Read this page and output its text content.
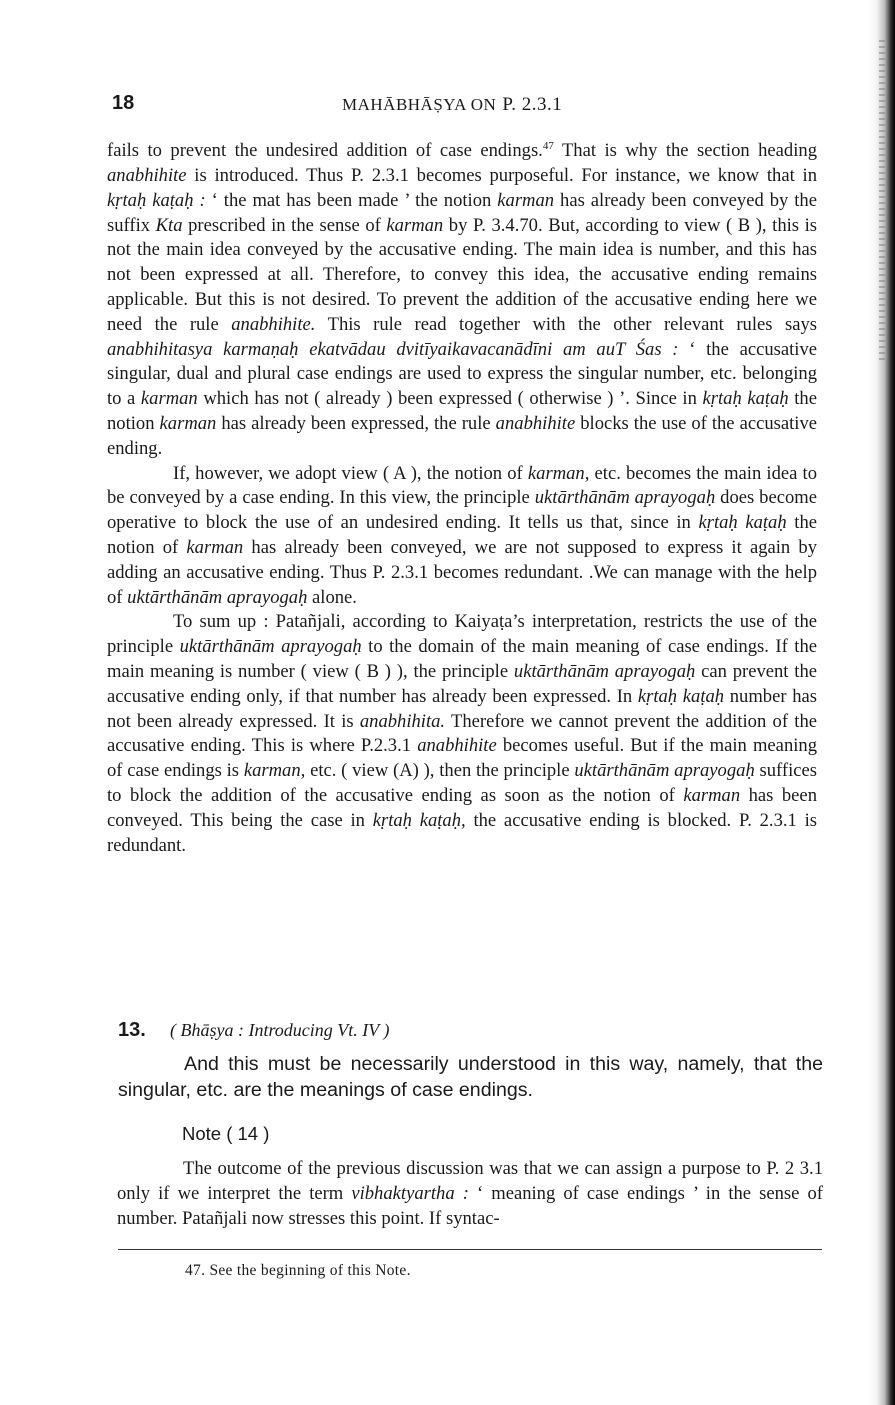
18	MAHĀBHĀṢYA ON P. 2.3.1

fails to prevent the undesired addition of case endings.$^{47}$ That is why the section heading anabhihite is introduced. Thus P. 2.3.1 becomes purposeful. For instance, we know that in kṛtaḥ kaṭaḥ : ‘ the mat has been made ’ the notion karman has already been conveyed by the suffix Kta prescribed in the sense of karman by P. 3.4.70. But, according to view ( B ), this is not the main idea conveyed by the accusative ending. The main idea is number, and this has not been expressed at all. Therefore, to convey this idea, the accusative ending remains applicable. But this is not desired. To prevent the addition of the accusative ending here we need the rule anabhihite. This rule read together with the other relevant rules says anabhihitasya karmaṇaḥ ekatvādau dvitīyaikavacanādīni am auT Śas : ‘ the accusative singular, dual and plural case endings are used to express the singular number, etc. belonging to a karman which has not ( already ) been expressed ( otherwise ) ’. Since in kṛtaḥ kaṭaḥ the notion karman has already been expressed, the rule anabhihite blocks the use of the accusative ending.

If, however, we adopt view ( A ), the notion of karman, etc. becomes the main idea to be conveyed by a case ending. In this view, the principle uktārthānām aprayogaḥ does become operative to block the use of an undesired ending. It tells us that, since in kṛtaḥ kaṭaḥ the notion of karman has already been conveyed, we are not supposed to express it again by adding an accusative ending. Thus P. 2.3.1 becomes redundant. .We can manage with the help of uktārthānām aprayogaḥ alone.

To sum up : Patañjali, according to Kaiyaṭa’s interpretation, restricts the use of the principle uktārthānām aprayogaḥ to the domain of the main meaning of case endings. If the main meaning is number ( view ( B ) ), the principle uktārthānām aprayogaḥ can prevent the accusative ending only, if that number has already been expressed. In kṛtaḥ kaṭaḥ number has not been already expressed. It is anabhihita. Therefore we cannot prevent the addition of the accusative ending. This is where P.2.3.1 anabhihite becomes useful. But if the main meaning of case endings is karman, etc. ( view (A) ), then the principle uktārthānām aprayogaḥ suffices to block the addition of the accusative ending as soon as the notion of karman has been conveyed. This being the case in kṛtaḥ kaṭaḥ, the accusative ending is blocked. P. 2.3.1 is redundant.

13. ( Bhāṣya : Introducing Vt. IV )

And this must be necessarily understood in this way, namely, that the singular, etc. are the meanings of case endings.

Note ( 14 )

The outcome of the previous discussion was that we can assign a purpose to P. 2 3.1 only if we interpret the term vibhaktyartha : ‘ meaning of case endings ’ in the sense of number. Patañjali now stresses this point. If syntac-

47. See the beginning of this Note.
